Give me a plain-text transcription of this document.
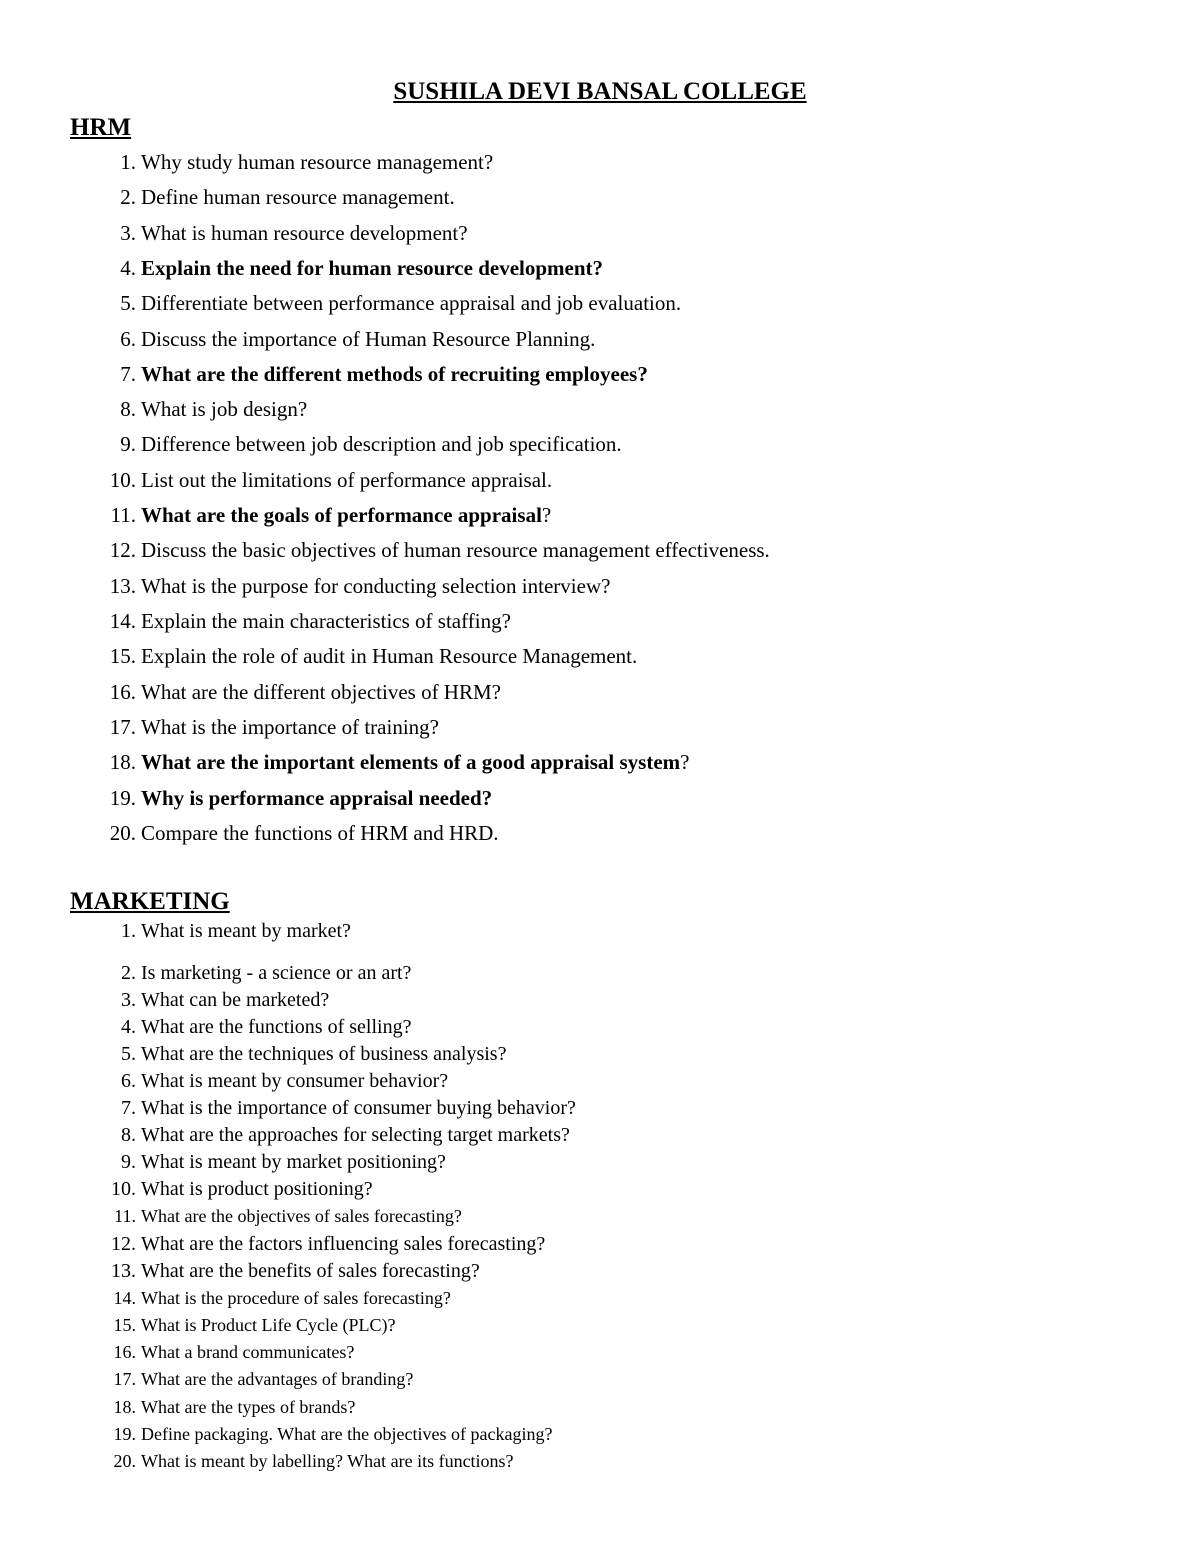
SUSHILA DEVI BANSAL COLLEGE
HRM
1. Why study human resource management?
2. Define human resource management.
3. What is human resource development?
4. Explain the need for human resource development?
5. Differentiate between performance appraisal and job evaluation.
6. Discuss the importance of Human Resource Planning.
7. What are the different methods of recruiting employees?
8. What is job design?
9. Difference between job description and job specification.
10. List out the limitations of performance appraisal.
11. What are the goals of performance appraisal?
12. Discuss the basic objectives of human resource management effectiveness.
13. What is the purpose for conducting selection interview?
14. Explain the main characteristics of staffing?
15. Explain the role of audit in Human Resource Management.
16. What are the different objectives of HRM?
17. What is the importance of training?
18. What are the important elements of a good appraisal system?
19. Why is performance appraisal needed?
20. Compare the functions of HRM and HRD.
MARKETING
1. What is meant by market?
2. Is marketing - a science or an art?
3. What can be marketed?
4. What are the functions of selling?
5. What are the techniques of business analysis?
6. What is meant by consumer behavior?
7. What is the importance of consumer buying behavior?
8. What are the approaches for selecting target markets?
9. What is meant by market positioning?
10. What is product positioning?
11. What are the objectives of sales forecasting?
12. What are the factors influencing sales forecasting?
13. What are the benefits of sales forecasting?
14. What is the procedure of sales forecasting?
15. What is Product Life Cycle (PLC)?
16. What a brand communicates?
17. What are the advantages of branding?
18. What are the types of brands?
19. Define packaging. What are the objectives of packaging?
20. What is meant by labelling? What are its functions?
